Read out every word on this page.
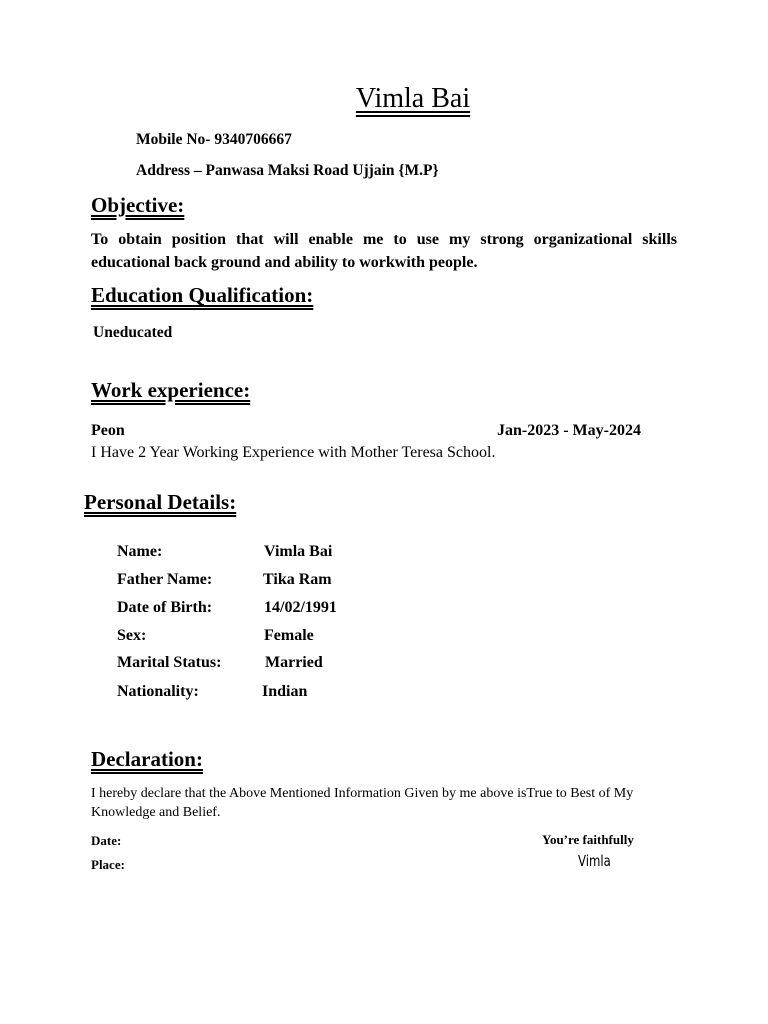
Vimla Bai
Mobile No- 9340706667
Address – Panwasa Maksi Road Ujjain {M.P}
Objective:
To obtain position that will enable me to use my strong organizational skills educational back ground and ability to workwith people.
Education Qualification:
Uneducated
Work experience:
Peon	Jan-2023 - May-2024
I Have 2 Year Working Experience with Mother Teresa School.
Personal Details:
Name:	Vimla Bai
Father Name:	Tika Ram
Date of Birth:	14/02/1991
Sex:	Female
Marital Status:	Married
Nationality:	Indian
Declaration:
I hereby declare that the Above Mentioned Information Given by me above isTrue to Best of My Knowledge and Belief.
Date:
Place:
You’re faithfully
Vimla
